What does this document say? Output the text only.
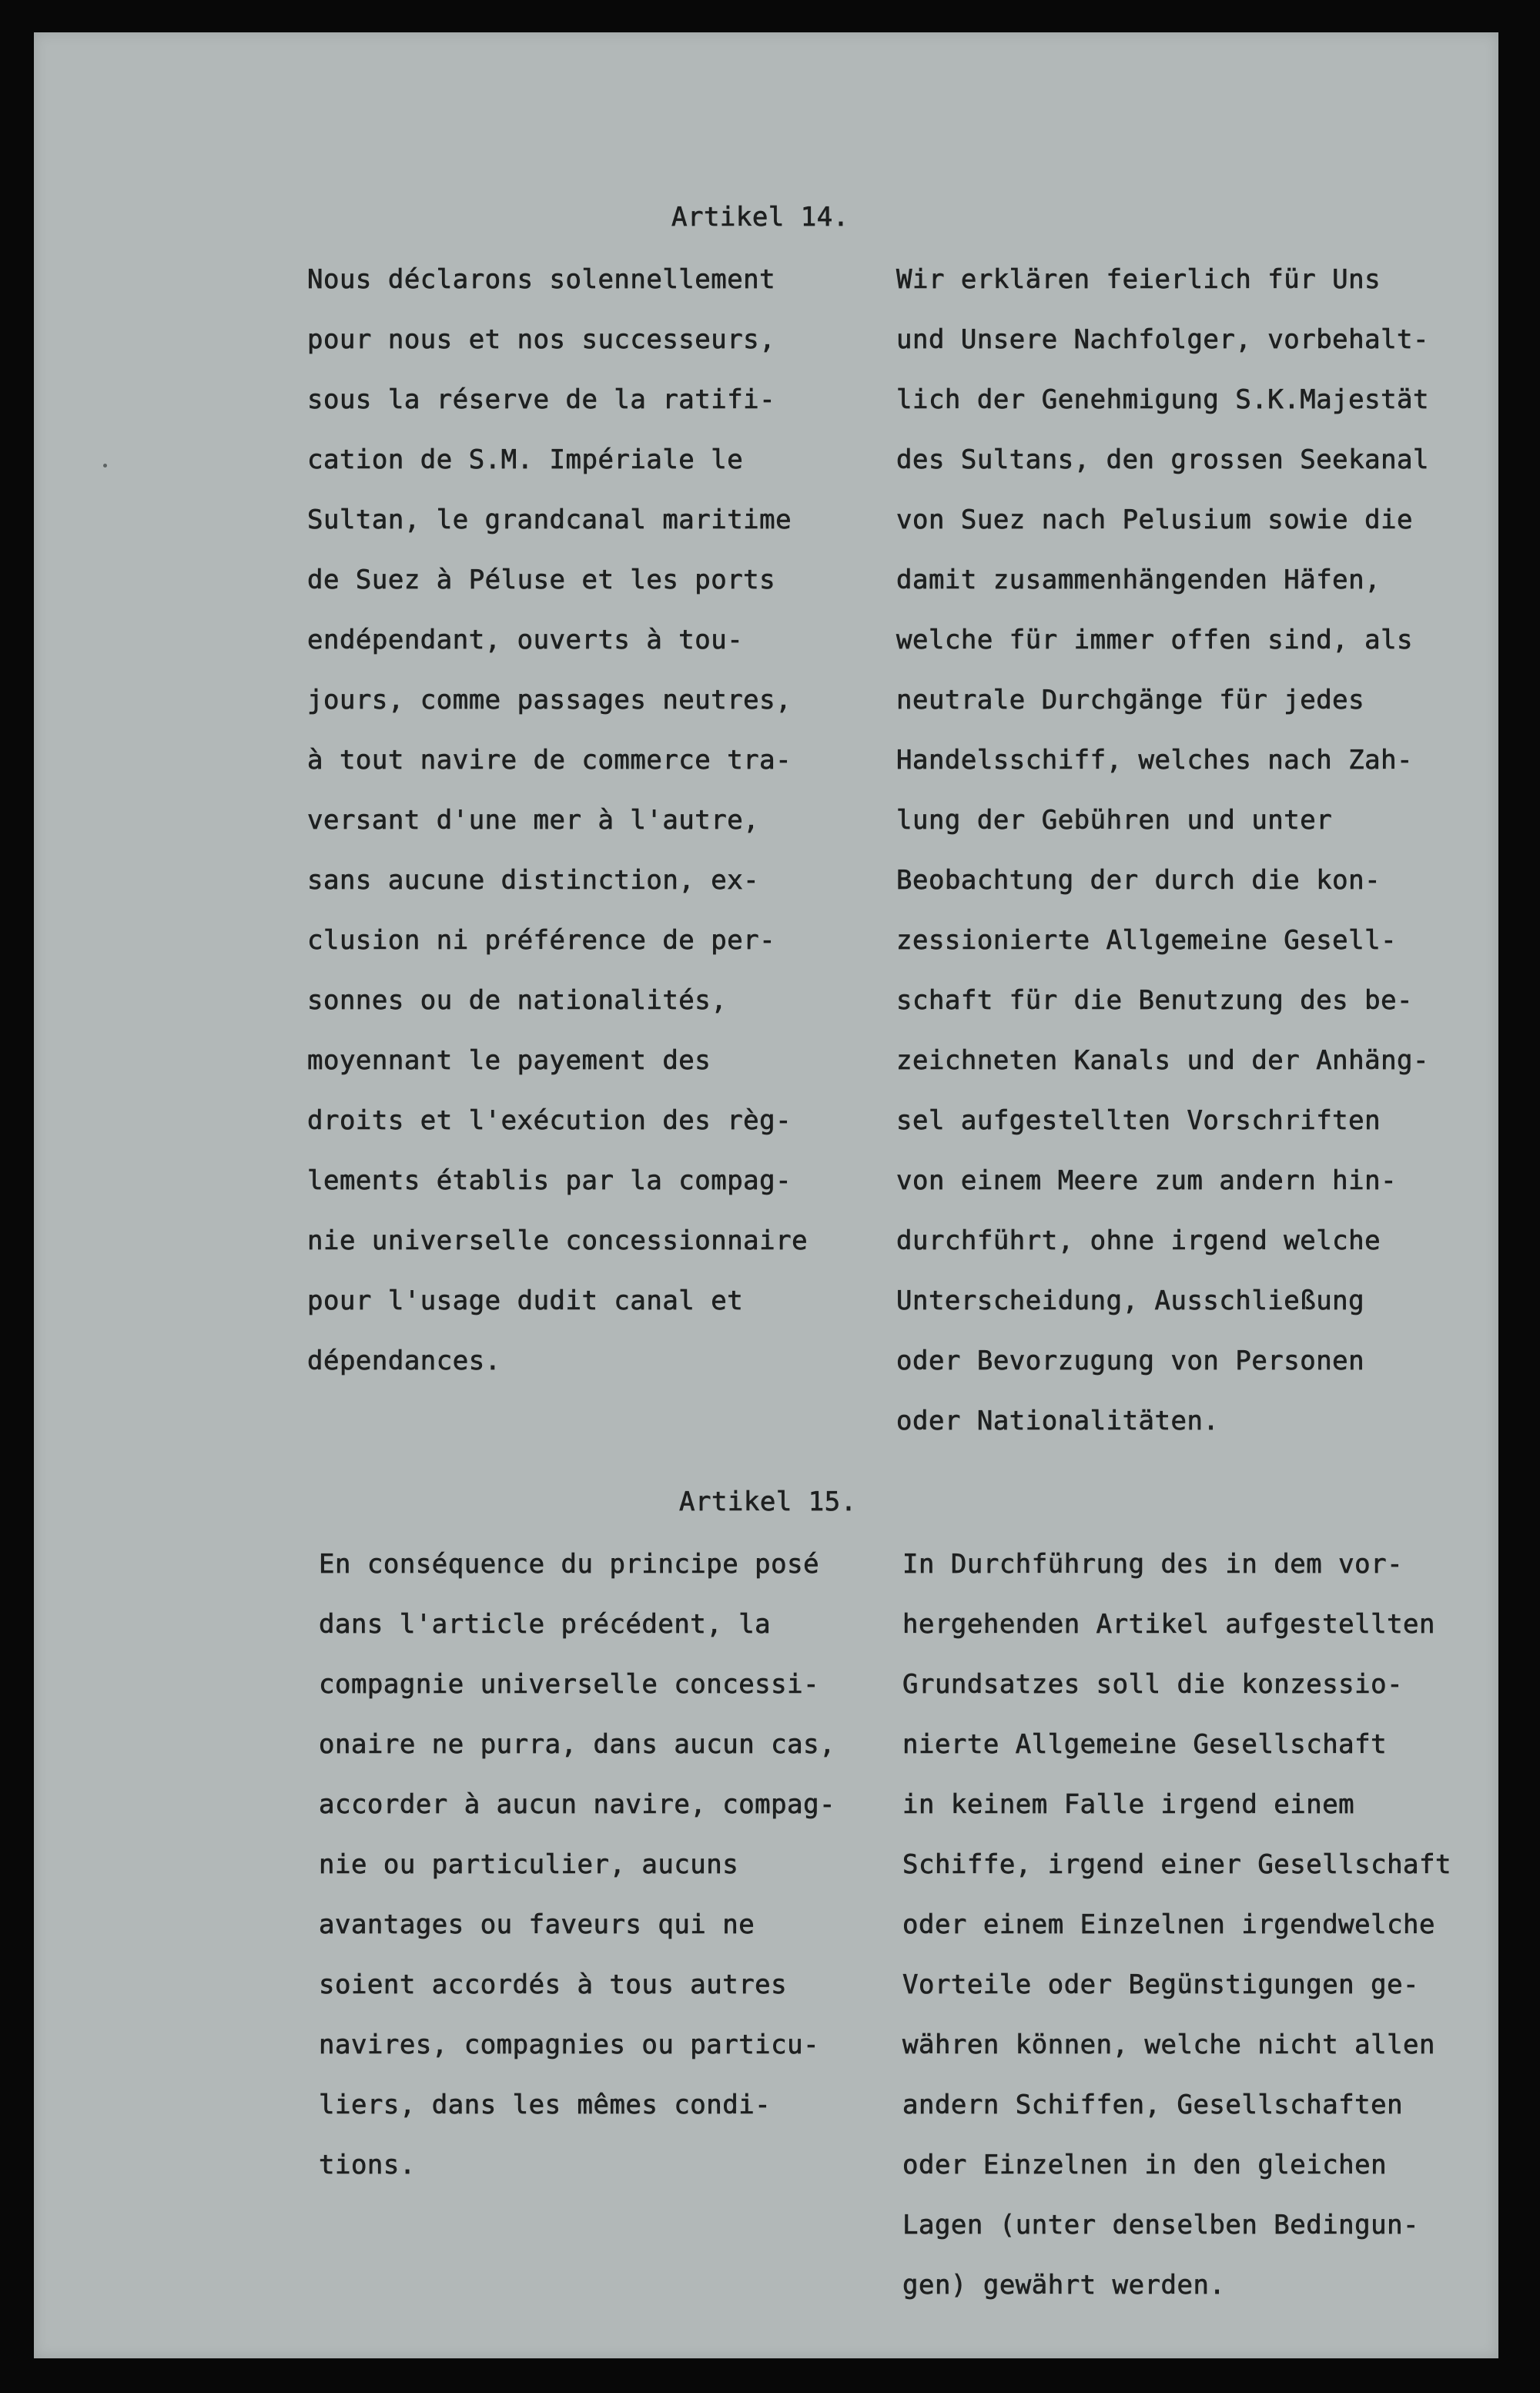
Artikel 14.
Nous déclarons solennellement
pour nous et nos successeurs,
sous la réserve de la ratifi-
cation de S.M. Impériale le
Sultan, le grandcanal maritime
de Suez à Péluse et les ports
endépendant, ouverts à tou-
jours, comme passages neutres,
à tout navire de commerce tra-
versant d'une mer à l'autre,
sans aucune distinction, ex-
clusion ni préférence de per-
sonnes ou de nationalités,
moyennant le payement des
droits et l'exécution des règ-
lements établis par la compag-
nie universelle concessionnaire
pour l'usage dudit canal et
dépendances.
Wir erklären feierlich für Uns
und Unsere Nachfolger, vorbehalt-
lich der Genehmigung S.K.Majestät
des Sultans, den grossen Seekanal
von Suez nach Pelusium sowie die
damit zusammenhängenden Häfen,
welche für immer offen sind, als
neutrale Durchgänge für jedes
Handelsschiff, welches nach Zah-
lung der Gebühren und unter
Beobachtung der durch die kon-
zessionierte Allgemeine Gesell-
schaft für die Benutzung des be-
zeichneten Kanals und der Anhäng-
sel aufgestellten Vorschriften
von einem Meere zum andern hin-
durchführt, ohne irgend welche
Unterscheidung, Ausschließung
oder Bevorzugung von Personen
oder Nationalitäten.
Artikel 15.
En conséquence du principe posé
dans l'article précédent, la
compagnie universelle concessi-
onaire ne purra, dans aucun cas,
accorder à aucun navire, compag-
nie ou particulier, aucuns
avantages ou faveurs qui ne
soient accordés à tous autres
navires, compagnies ou particu-
liers, dans les mêmes condi-
tions.
In Durchführung des in dem vor-
hergehenden Artikel aufgestellten
Grundsatzes soll die konzessio-
nierte Allgemeine Gesellschaft
in keinem Falle irgend einem
Schiffe, irgend einer Gesellschaft
oder einem Einzelnen irgendwelche
Vorteile oder Begünstigungen ge-
währen können, welche nicht allen
andern Schiffen, Gesellschaften
oder Einzelnen in den gleichen
Lagen (unter denselben Bedingun-
gen) gewährt werden.
